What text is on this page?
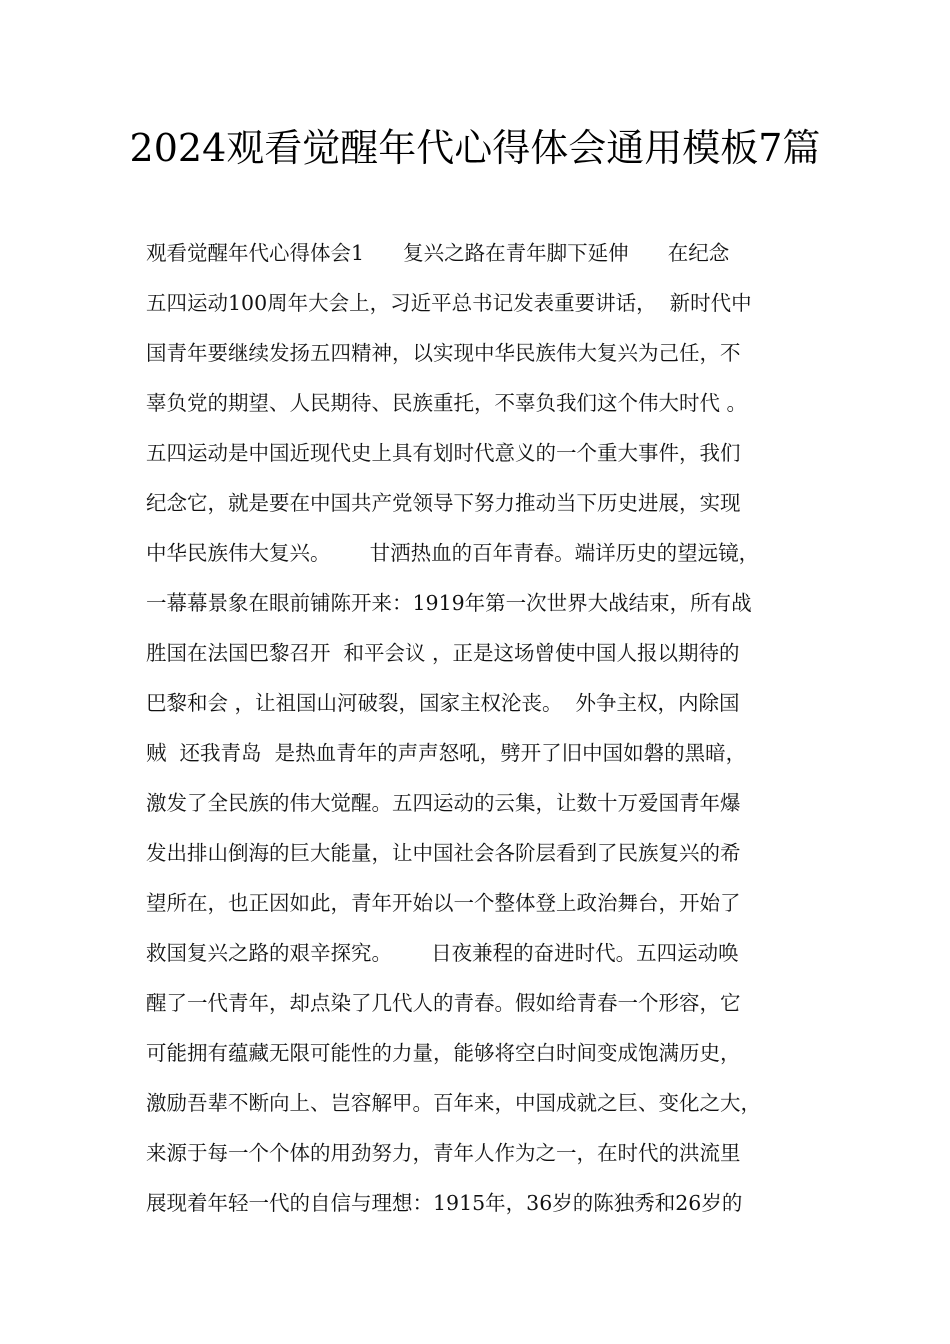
2024观看觉醒年代心得体会通用模板7篇
观看觉醒年代心得体会1      复兴之路在青年脚下延伸      在纪念
五四运动100周年大会上，习近平总书记发表重要讲话，  新时代中
国青年要继续发扬五四精神，以实现中华民族伟大复兴为己任，不
辜负党的期望、人民期待、民族重托，不辜负我们这个伟大时代 。
五四运动是中国近现代史上具有划时代意义的一个重大事件，我们
纪念它，就是要在中国共产党领导下努力推动当下历史进展，实现
中华民族伟大复兴。      甘洒热血的百年青春。端详历史的望远镜，
一幕幕景象在眼前铺陈开来：1919年第一次世界大战结束，所有战
胜国在法国巴黎召开  和平会议 ，正是这场曾使中国人报以期待的
巴黎和会 ，让祖国山河破裂，国家主权沦丧。  外争主权，内除国
贼  还我青岛  是热血青年的声声怒吼，劈开了旧中国如磐的黑暗，
激发了全民族的伟大觉醒。五四运动的云集，让数十万爱国青年爆
发出排山倒海的巨大能量，让中国社会各阶层看到了民族复兴的希
望所在，也正因如此，青年开始以一个整体登上政治舞台，开始了
救国复兴之路的艰辛探究。      日夜兼程的奋进时代。五四运动唤
醒了一代青年，却点染了几代人的青春。假如给青春一个形容，它
可能拥有蕴藏无限可能性的力量，能够将空白时间变成饱满历史，
激励吾辈不断向上、岂容解甲。百年来，中国成就之巨、变化之大，
来源于每一个个体的用劲努力，青年人作为之一，在时代的洪流里
展现着年轻一代的自信与理想：1915年，36岁的陈独秀和26岁的
